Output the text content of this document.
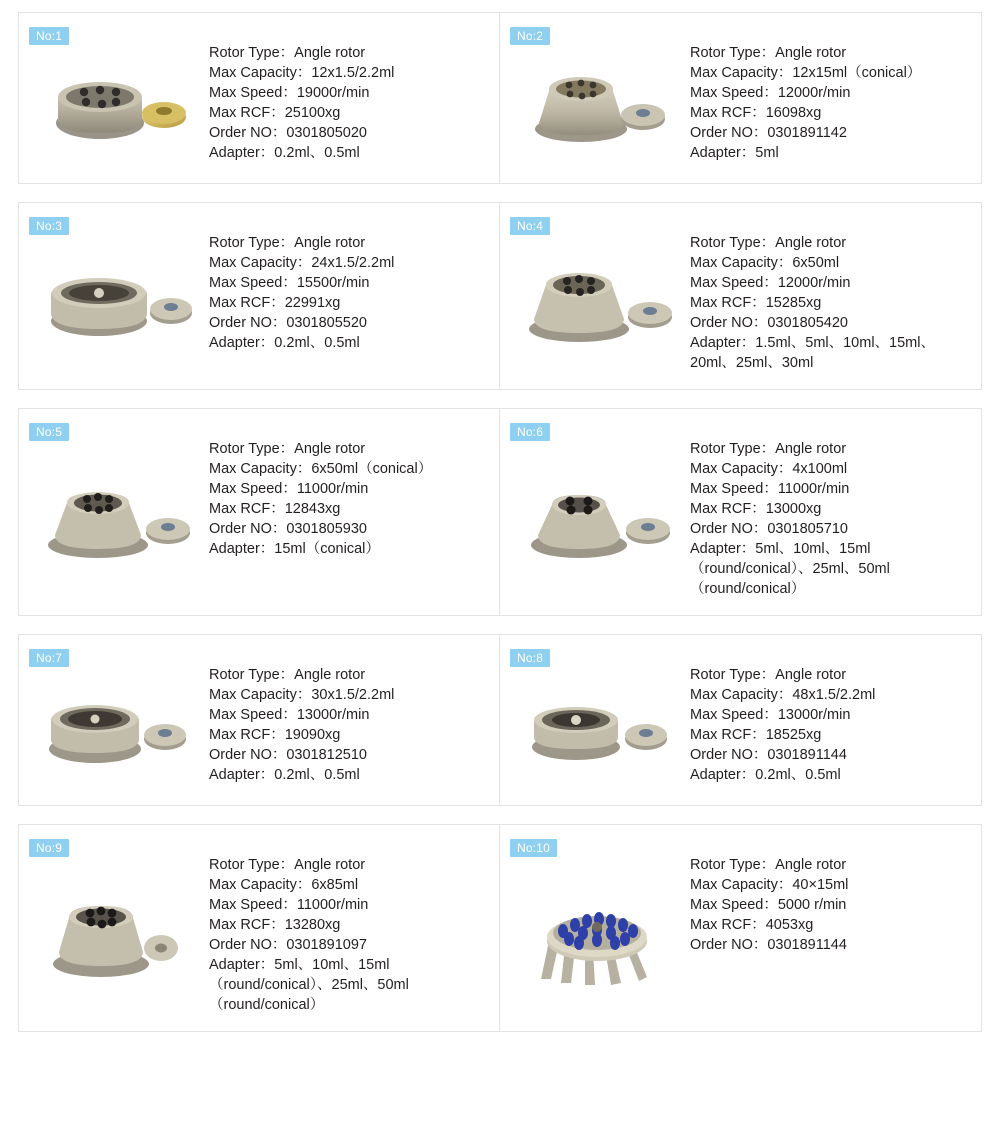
No:1
Rotor Type：Angle rotor
Max Capacity：12x1.5/2.2ml
Max Speed：19000r/min
Max RCF：25100xg
Order NO：0301805020
Adapter：0.2ml、0.5ml
No:2
Rotor Type：Angle rotor
Max Capacity：12x15ml（conical）
Max Speed：12000r/min
Max RCF：16098xg
Order NO：0301891142
Adapter：5ml
No:3
Rotor Type：Angle rotor
Max Capacity：24x1.5/2.2ml
Max Speed：15500r/min
Max RCF：22991xg
Order NO：0301805520
Adapter：0.2ml、0.5ml
No:4
Rotor Type：Angle rotor
Max Capacity：6x50ml
Max Speed：12000r/min
Max RCF：15285xg
Order NO：0301805420
Adapter：1.5ml、5ml、10ml、15ml、20ml、25ml、30ml
No:5
Rotor Type：Angle rotor
Max Capacity：6x50ml（conical）
Max Speed：11000r/min
Max RCF：12843xg
Order NO：0301805930
Adapter：15ml（conical）
No:6
Rotor Type：Angle rotor
Max Capacity：4x100ml
Max Speed：11000r/min
Max RCF：13000xg
Order NO：0301805710
Adapter：5ml、10ml、15ml（round/conical）、25ml、50ml（round/conical）
No:7
Rotor Type：Angle rotor
Max Capacity：30x1.5/2.2ml
Max Speed：13000r/min
Max RCF：19090xg
Order NO：0301812510
Adapter：0.2ml、0.5ml
No:8
Rotor Type：Angle rotor
Max Capacity：48x1.5/2.2ml
Max Speed：13000r/min
Max RCF：18525xg
Order NO：0301891144
Adapter：0.2ml、0.5ml
No:9
Rotor Type：Angle rotor
Max Capacity：6x85ml
Max Speed：11000r/min
Max RCF：13280xg
Order NO：0301891097
Adapter：5ml、10ml、15ml（round/conical）、25ml、50ml（round/conical）
No:10
Rotor Type：Angle rotor
Max Capacity：40×15ml
Max Speed：5000 r/min
Max RCF：4053xg
Order NO：0301891144
